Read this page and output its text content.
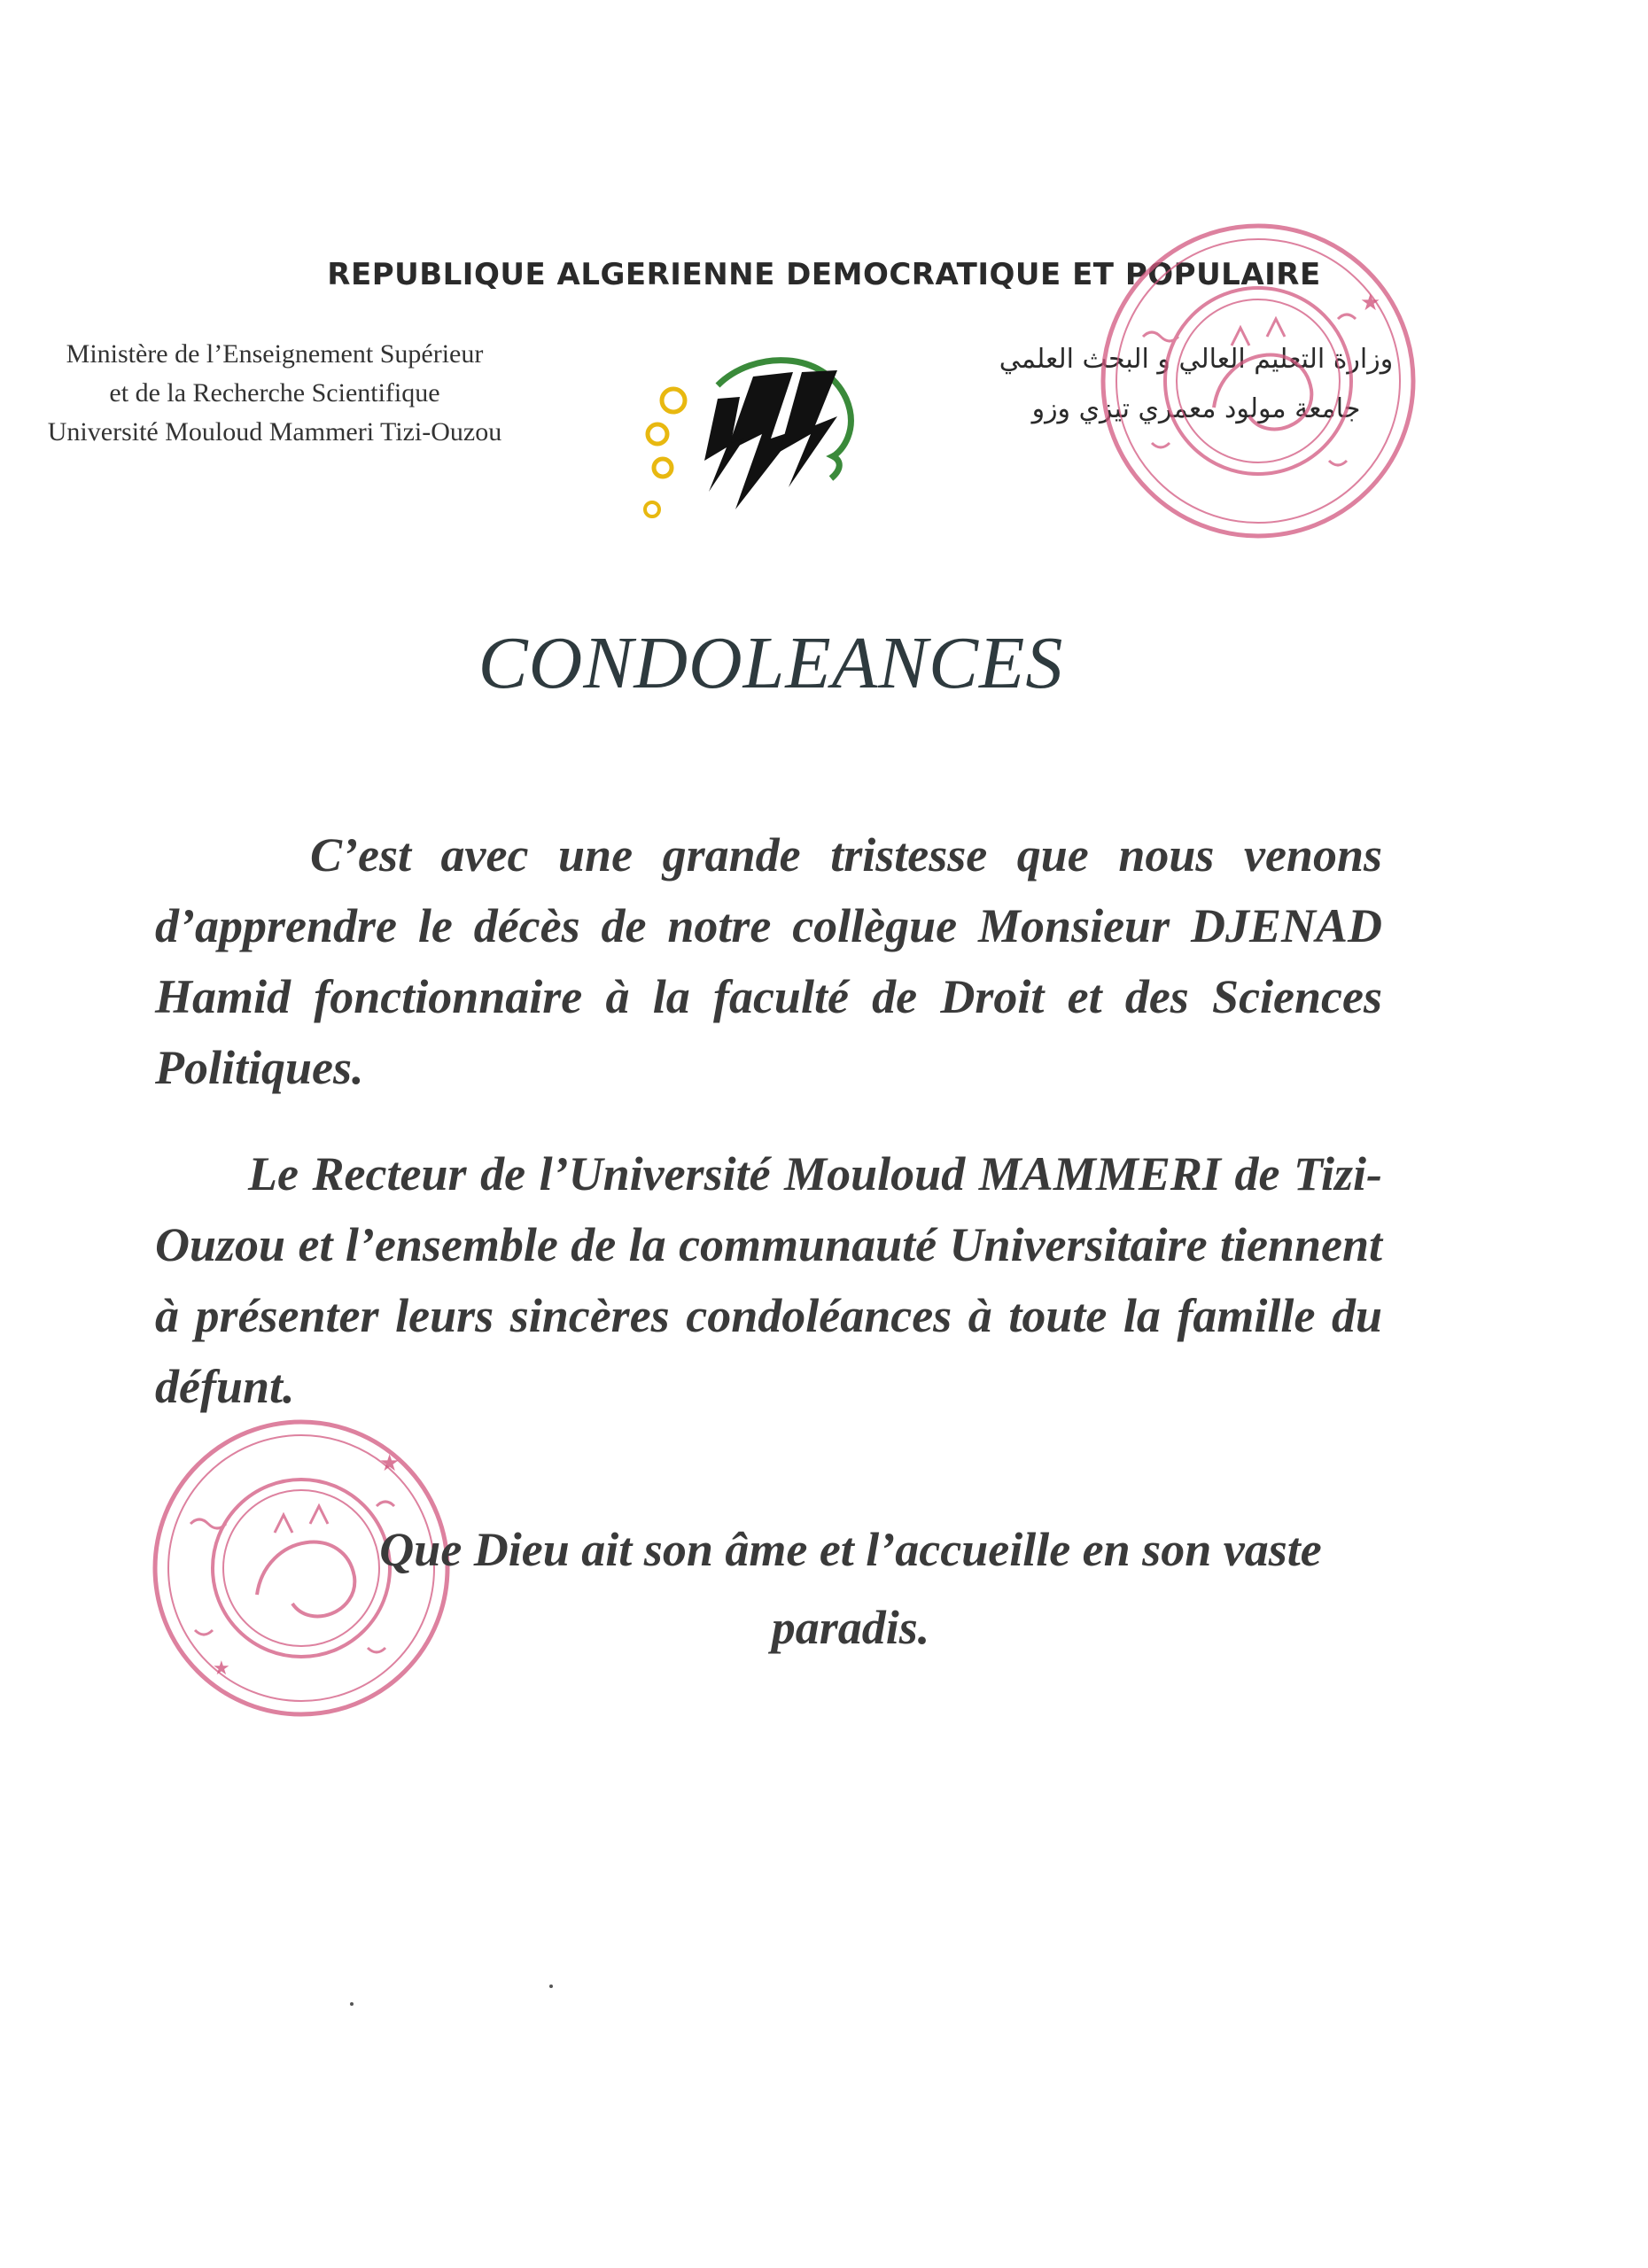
REPUBLIQUE ALGERIENNE DEMOCRATIQUE ET POPULAIRE
Ministère de l’Enseignement Supérieur
et de la Recherche Scientifique
Université Mouloud Mammeri Tizi-Ouzou
وزارة التعليم العالي و البحث العلمي
جامعة مولود معمري تيزي وزو
★
CONDOLEANCES
C’est avec une grande tristesse que nous venons d’apprendre le décès de notre collègue Monsieur DJENAD Hamid fonctionnaire à la faculté de Droit et des Sciences Politiques.
Le Recteur de l’Université Mouloud MAMMERI de Tizi-Ouzou et l’ensemble de la communauté Universitaire tiennent à présenter leurs sincères condoléances à toute la famille du défunt.
★
★
Que Dieu ait son âme et l’accueille en son vaste
paradis.
